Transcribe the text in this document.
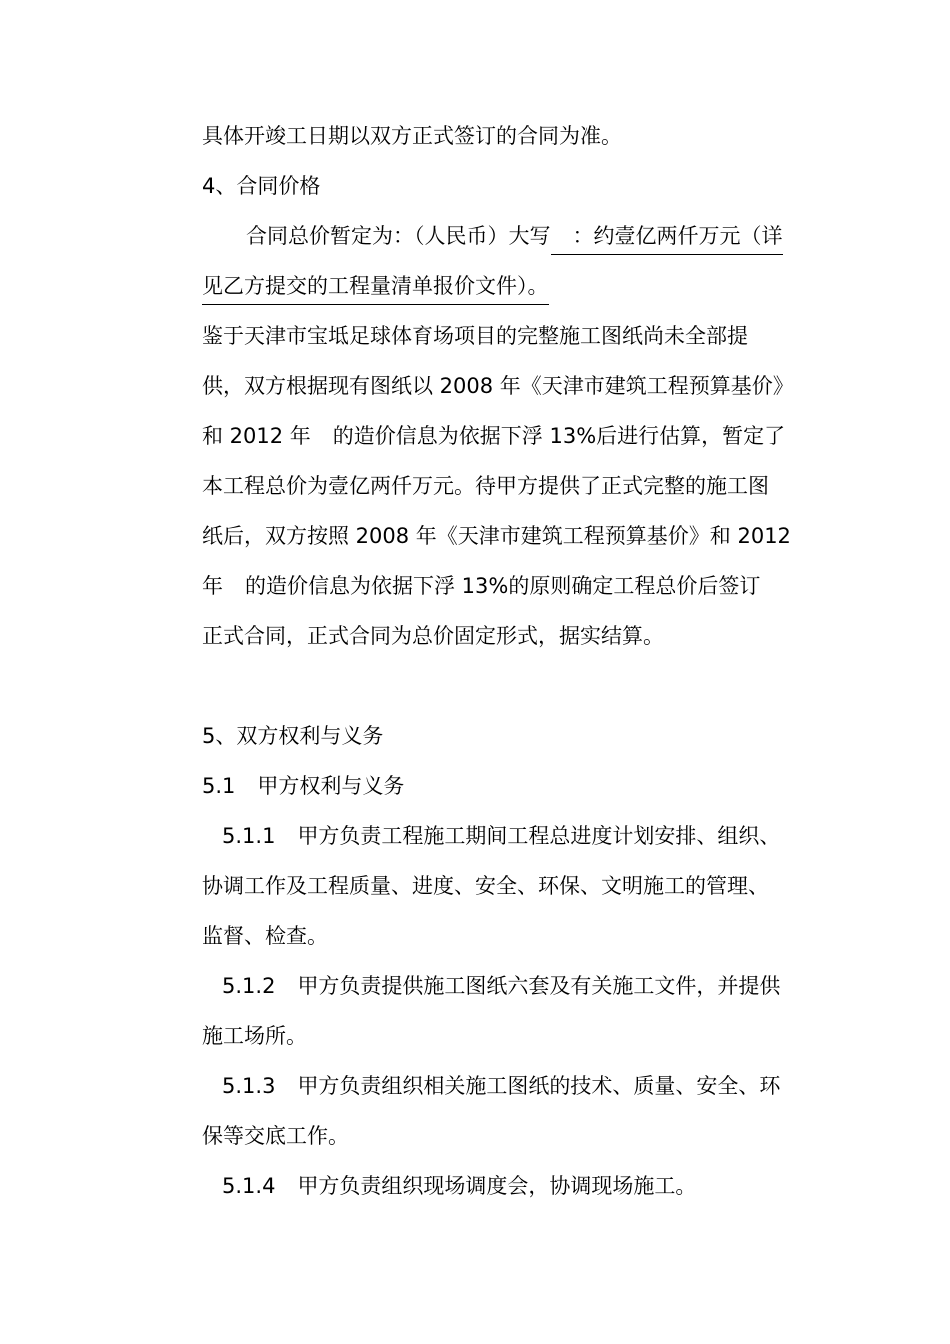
具体开竣工日期以双方正式签订的合同为准。
4、合同价格
合同总价暂定为：（人民币）大写 ：约壹亿两仟万元（详
见乙方提交的工程量清单报价文件）。
鉴于天津市宝坻足球体育场项目的完整施工图纸尚未全部提
供，双方根据现有图纸以 2008 年《天津市建筑工程预算基价》
和 2012 年 的造价信息为依据下浮 13%后进行估算，暂定了
本工程总价为壹亿两仟万元。待甲方提供了正式完整的施工图
纸后，双方按照 2008 年《天津市建筑工程预算基价》和 2012
年 的造价信息为依据下浮 13%的原则确定工程总价后签订
正式合同，正式合同为总价固定形式，据实结算。
5、双方权利与义务
5.1 甲方权利与义务
5.1.1 甲方负责工程施工期间工程总进度计划安排、组织、
协调工作及工程质量、进度、安全、环保、文明施工的管理、
监督、检查。
5.1.2 甲方负责提供施工图纸六套及有关施工文件，并提供
施工场所。
5.1.3 甲方负责组织相关施工图纸的技术、质量、安全、环
保等交底工作。
5.1.4 甲方负责组织现场调度会，协调现场施工。
